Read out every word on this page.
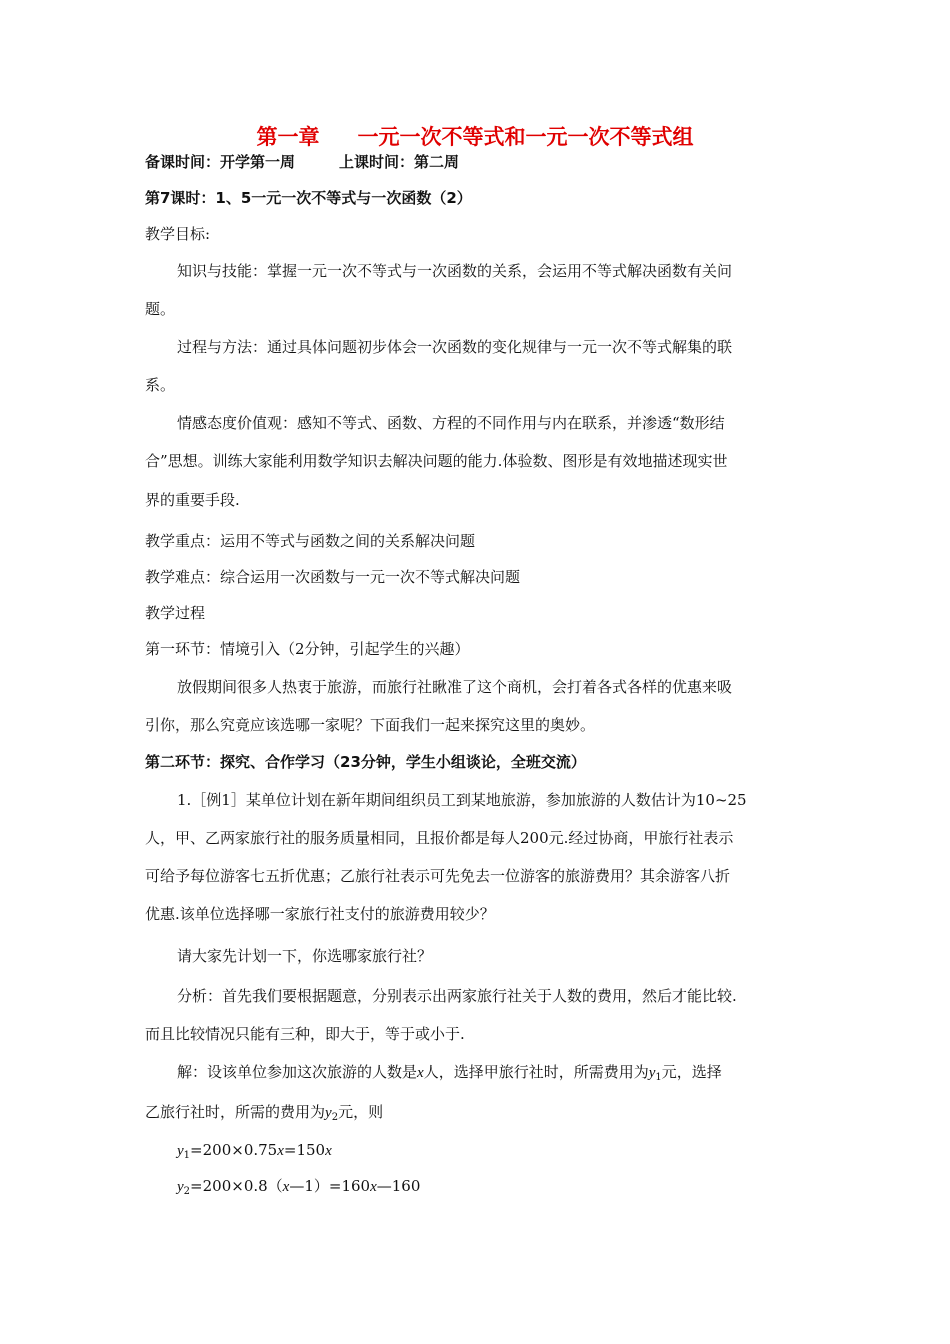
第一章 一元一次不等式和一元一次不等式组
备课时间：开学第一周	上课时间：第二周
第7课时：1、5一元一次不等式与一次函数（2）
教学目标:
知识与技能：掌握一元一次不等式与一次函数的关系，会运用不等式解决函数有关问
题。
过程与方法：通过具体问题初步体会一次函数的变化规律与一元一次不等式解集的联
系。
情感态度价值观：感知不等式、函数、方程的不同作用与内在联系，并渗透“数形结
合”思想。训练大家能利用数学知识去解决问题的能力.体验数、图形是有效地描述现实世
界的重要手段.
教学重点：运用不等式与函数之间的关系解决问题
教学难点：综合运用一次函数与一元一次不等式解决问题
教学过程
第一环节：情境引入（2分钟，引起学生的兴趣）
放假期间很多人热衷于旅游，而旅行社瞅准了这个商机，会打着各式各样的优惠来吸
引你，那么究竟应该选哪一家呢？下面我们一起来探究这里的奥妙。
第二环节：探究、合作学习（23分钟，学生小组谈论，全班交流）
1.［例1］某单位计划在新年期间组织员工到某地旅游，参加旅游的人数估计为10~25
人，甲、乙两家旅行社的服务质量相同，且报价都是每人200元.经过协商，甲旅行社表示
可给予每位游客七五折优惠；乙旅行社表示可先免去一位游客的旅游费用？其余游客八折
优惠.该单位选择哪一家旅行社支付的旅游费用较少？
请大家先计划一下，你选哪家旅行社？
分析：首先我们要根据题意，分别表示出两家旅行社关于人数的费用，然后才能比较.
而且比较情况只能有三种，即大于，等于或小于.
解：设该单位参加这次旅游的人数是x人，选择甲旅行社时，所需费用为$y_1$元，选择
乙旅行社时，所需的费用为$y_2$元，则
$y_1=200\times 0.75x=150x$
$y_2=200\times 0.8(x—1)=160x—160$
